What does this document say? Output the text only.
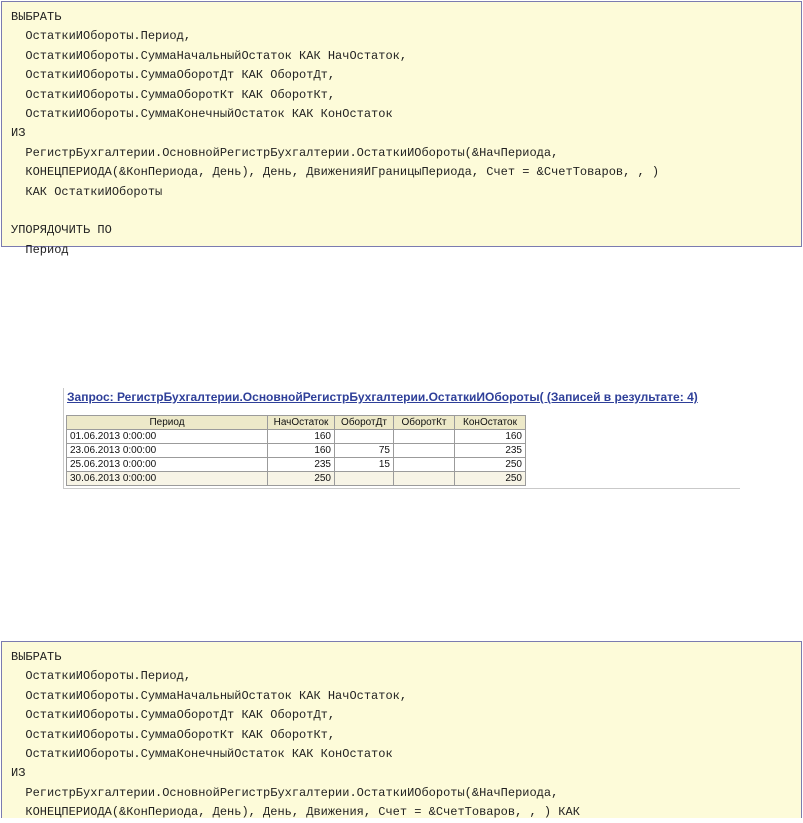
ВЫБРАТЬ
ОстаткиИОбороты.Период,
ОстаткиИОбороты.СуммаНачальныйОстаток КАК НачОстаток,
ОстаткиИОбороты.СуммаОборотДт КАК ОборотДт,
ОстаткиИОбороты.СуммаОборотКт КАК ОборотКт,
ОстаткиИОбороты.СуммаКонечныйОстаток КАК КонОстаток
ИЗ
РегистрБухгалтерии.ОсновнойРегистрБухгалтерии.ОстаткиИОбороты(&НачПериода,
КОНЕЦПЕРИОДА(&КонПериода, День), День, ДвиженияИГраницыПериода, Счет = &СчетТоваров, , )
КАК ОстаткиИОбороты
УПОРЯДОЧИТЬ ПО
Период
Запрос: РегистрБухгалтерии.ОсновнойРегистрБухгалтерии.ОстаткиИОбороты( (Записей в результате: 4)
Период	НачОстаток	ОборотДт	ОборотКт	КонОстаток
01.06.2013 0:00:00	160			160
23.06.2013 0:00:00	160	75		235
25.06.2013 0:00:00	235	15		250
30.06.2013 0:00:00	250			250
ВЫБРАТЬ
ОстаткиИОбороты.Период,
ОстаткиИОбороты.СуммаНачальныйОстаток КАК НачОстаток,
ОстаткиИОбороты.СуммаОборотДт КАК ОборотДт,
ОстаткиИОбороты.СуммаОборотКт КАК ОборотКт,
ОстаткиИОбороты.СуммаКонечныйОстаток КАК КонОстаток
ИЗ
РегистрБухгалтерии.ОсновнойРегистрБухгалтерии.ОстаткиИОбороты(&НачПериода,
КОНЕЦПЕРИОДА(&КонПериода, День), День, Движения, Счет = &СчетТоваров, , ) КАК
